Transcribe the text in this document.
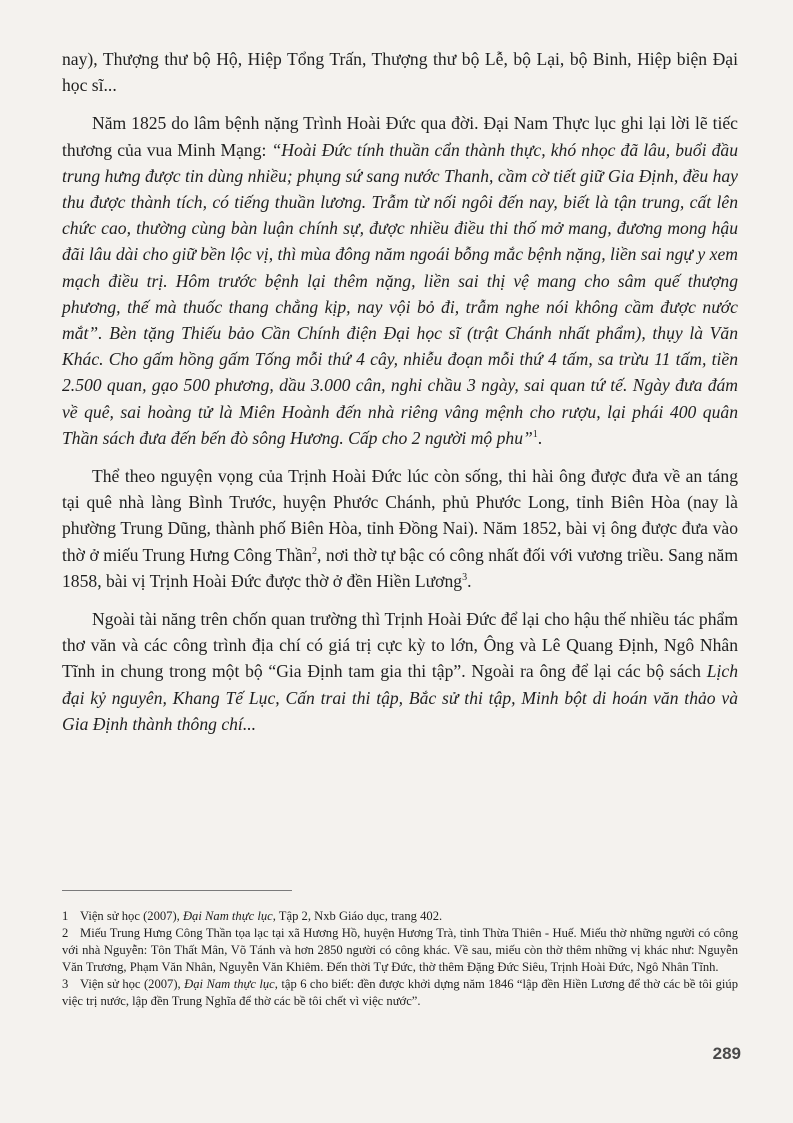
nay), Thượng thư bộ Hộ, Hiệp Tổng Trấn, Thượng thư bộ Lễ, bộ Lại, bộ Binh, Hiệp biện Đại học sĩ...

Năm 1825 do lâm bệnh nặng Trình Hoài Đức qua đời. Đại Nam Thực lục ghi lại lời lẽ tiếc thương của vua Minh Mạng: “Hoài Đức tính thuần cẩn thành thực, khó nhọc đã lâu, buổi đầu trung hưng được tin dùng nhiều; phụng sứ sang nước Thanh, cầm cờ tiết giữ Gia Định, đều hay thu được thành tích, có tiếng thuần lương. Trẫm từ nối ngôi đến nay, biết là tận trung, cất lên chức cao, thường cùng bàn luận chính sự, được nhiều điều thi thố mở mang, đương mong hậu đãi lâu dài cho giữ bền lộc vị, thì mùa đông năm ngoái bỗng mắc bệnh nặng, liền sai ngự y xem mạch điều trị. Hôm trước bệnh lại thêm nặng, liền sai thị vệ mang cho sâm quế thượng phương, thế mà thuốc thang chẳng kịp, nay vội bỏ đi, trẫm nghe nói không cầm được nước mắt”. Bèn tặng Thiếu bảo Cần Chính điện Đại học sĩ (trật Chánh nhất phẩm), thụy là Văn Khác. Cho gấm hồng gấm Tống mỗi thứ 4 cây, nhiễu đoạn mỗi thứ 4 tấm, sa trừu 11 tấm, tiền 2.500 quan, gạo 500 phương, dầu 3.000 cân, nghi chầu 3 ngày, sai quan tứ tế. Ngày đưa đám về quê, sai hoàng tử là Miên Hoành đến nhà riêng vâng mệnh cho rượu, lại phái 400 quân Thần sách đưa đến bến đò sông Hương. Cấp cho 2 người mộ phu”$^1$.

Thể theo nguyện vọng của Trịnh Hoài Đức lúc còn sống, thi hài ông được đưa về an táng tại quê nhà làng Bình Trước, huyện Phước Chánh, phủ Phước Long, tỉnh Biên Hòa (nay là phường Trung Dũng, thành phố Biên Hòa, tỉnh Đồng Nai). Năm 1852, bài vị ông được đưa vào thờ ở miếu Trung Hưng Công Thần$^2$, nơi thờ tự bậc có công nhất đối với vương triều. Sang năm 1858, bài vị Trịnh Hoài Đức được thờ ở đền Hiền Lương$^3$.

Ngoài tài năng trên chốn quan trường thì Trịnh Hoài Đức để lại cho hậu thế nhiều tác phẩm thơ văn và các công trình địa chí có giá trị cực kỳ to lớn, Ông và Lê Quang Định, Ngô Nhân Tĩnh in chung trong một bộ “Gia Định tam gia thi tập”. Ngoài ra ông để lại các bộ sách Lịch đại kỷ nguyên, Khang Tế Lục, Cấn trai thi tập, Bắc sử thi tập, Minh bột di hoán văn thảo và Gia Định thành thông chí...

1 Viện sử học (2007), Đại Nam thực lục, Tập 2, Nxb Giáo dục, trang 402.

2 Miếu Trung Hưng Công Thần tọa lạc tại xã Hương Hồ, huyện Hương Trà, tỉnh Thừa Thiên - Huế. Miếu thờ những người có công với nhà Nguyễn: Tôn Thất Mân, Võ Tánh và hơn 2850 người có công khác. Về sau, miếu còn thờ thêm những vị khác như: Nguyễn Văn Trương, Phạm Văn Nhân, Nguyễn Văn Khiêm. Đến thời Tự Đức, thờ thêm Đặng Đức Siêu, Trịnh Hoài Đức, Ngô Nhân Tĩnh.

3 Viện sử học (2007), Đại Nam thực lục, tập 6 cho biết: đền được khởi dựng năm 1846 “lập đền Hiền Lương để thờ các bề tôi giúp việc trị nước, lập đền Trung Nghĩa để thờ các bề tôi chết vì việc nước”.

289
